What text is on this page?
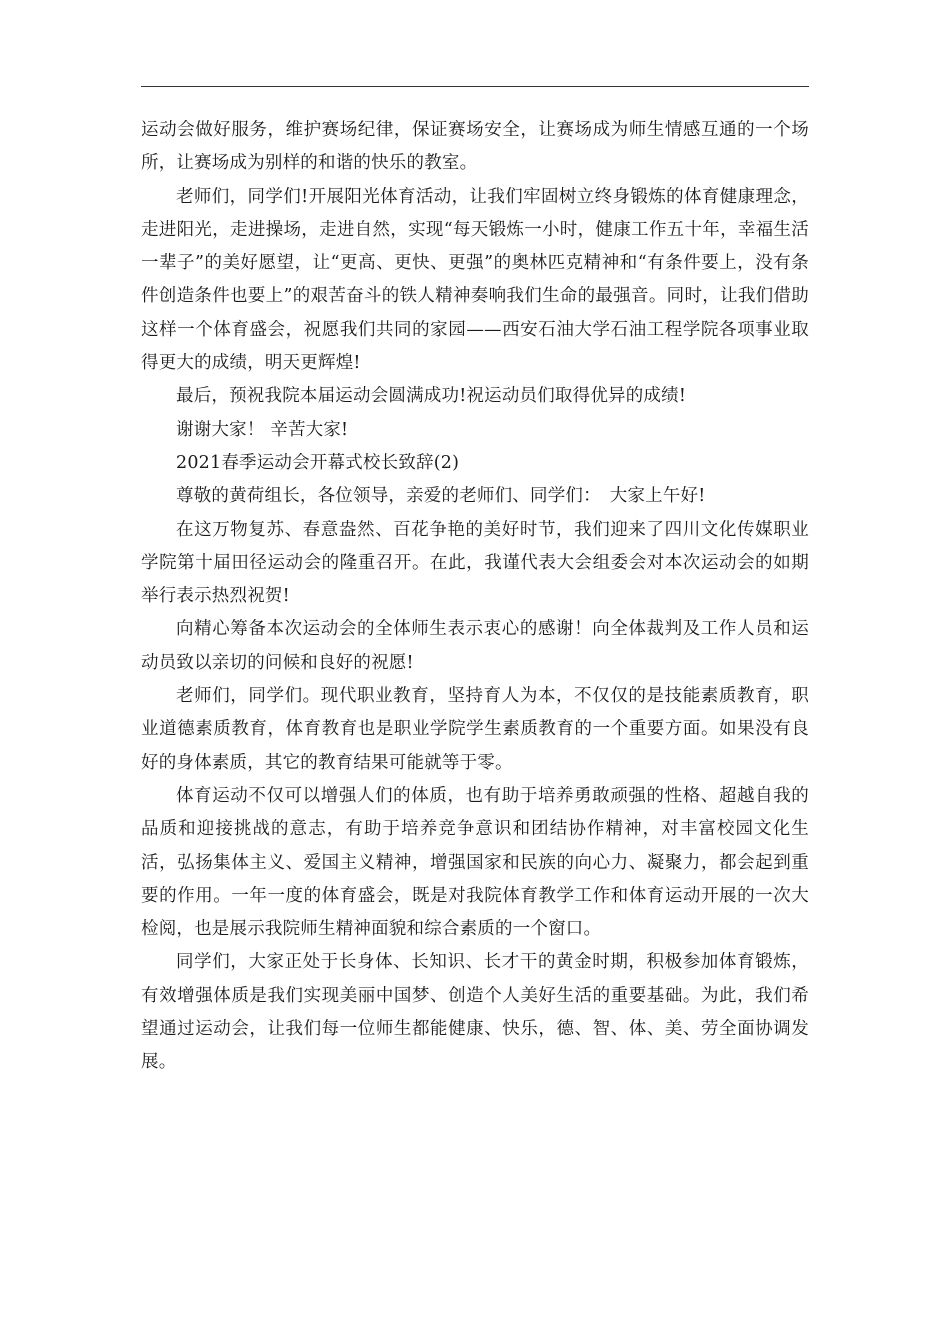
运动会做好服务，维护赛场纪律，保证赛场安全，让赛场成为师生情感互通的一个场所，让赛场成为别样的和谐的快乐的教室。

老师们，同学们!开展阳光体育活动，让我们牢固树立终身锻炼的体育健康理念，走进阳光，走进操场，走进自然，实现“每天锻炼一小时，健康工作五十年，幸福生活一辈子”的美好愿望，让“更高、更快、更强”的奥林匹克精神和“有条件要上，没有条件创造条件也要上”的艰苦奋斗的铁人精神奏响我们生命的最强音。同时，让我们借助这样一个体育盛会，祝愿我们共同的家园——西安石油大学石油工程学院各项事业取得更大的成绩，明天更辉煌!

最后，预祝我院本届运动会圆满成功!祝运动员们取得优异的成绩!

谢谢大家！ 辛苦大家!

2021春季运动会开幕式校长致辞(2)

尊敬的黄荷组长，各位领导，亲爱的老师们、同学们：　大家上午好!

在这万物复苏、春意盎然、百花争艳的美好时节，我们迎来了四川文化传媒职业学院第十届田径运动会的隆重召开。在此，我谨代表大会组委会对本次运动会的如期举行表示热烈祝贺!

向精心筹备本次运动会的全体师生表示衷心的感谢！向全体裁判及工作人员和运动员致以亲切的问候和良好的祝愿!

老师们，同学们。现代职业教育，坚持育人为本，不仅仅的是技能素质教育，职业道德素质教育，体育教育也是职业学院学生素质教育的一个重要方面。如果没有良好的身体素质，其它的教育结果可能就等于零。

体育运动不仅可以增强人们的体质，也有助于培养勇敢顽强的性格、超越自我的品质和迎接挑战的意志，有助于培养竞争意识和团结协作精神，对丰富校园文化生活，弘扬集体主义、爱国主义精神，增强国家和民族的向心力、凝聚力，都会起到重要的作用。一年一度的体育盛会，既是对我院体育教学工作和体育运动开展的一次大检阅，也是展示我院师生精神面貌和综合素质的一个窗口。

同学们，大家正处于长身体、长知识、长才干的黄金时期，积极参加体育锻炼，有效增强体质是我们实现美丽中国梦、创造个人美好生活的重要基础。为此，我们希望通过运动会，让我们每一位师生都能健康、快乐，德、智、体、美、劳全面协调发展。
